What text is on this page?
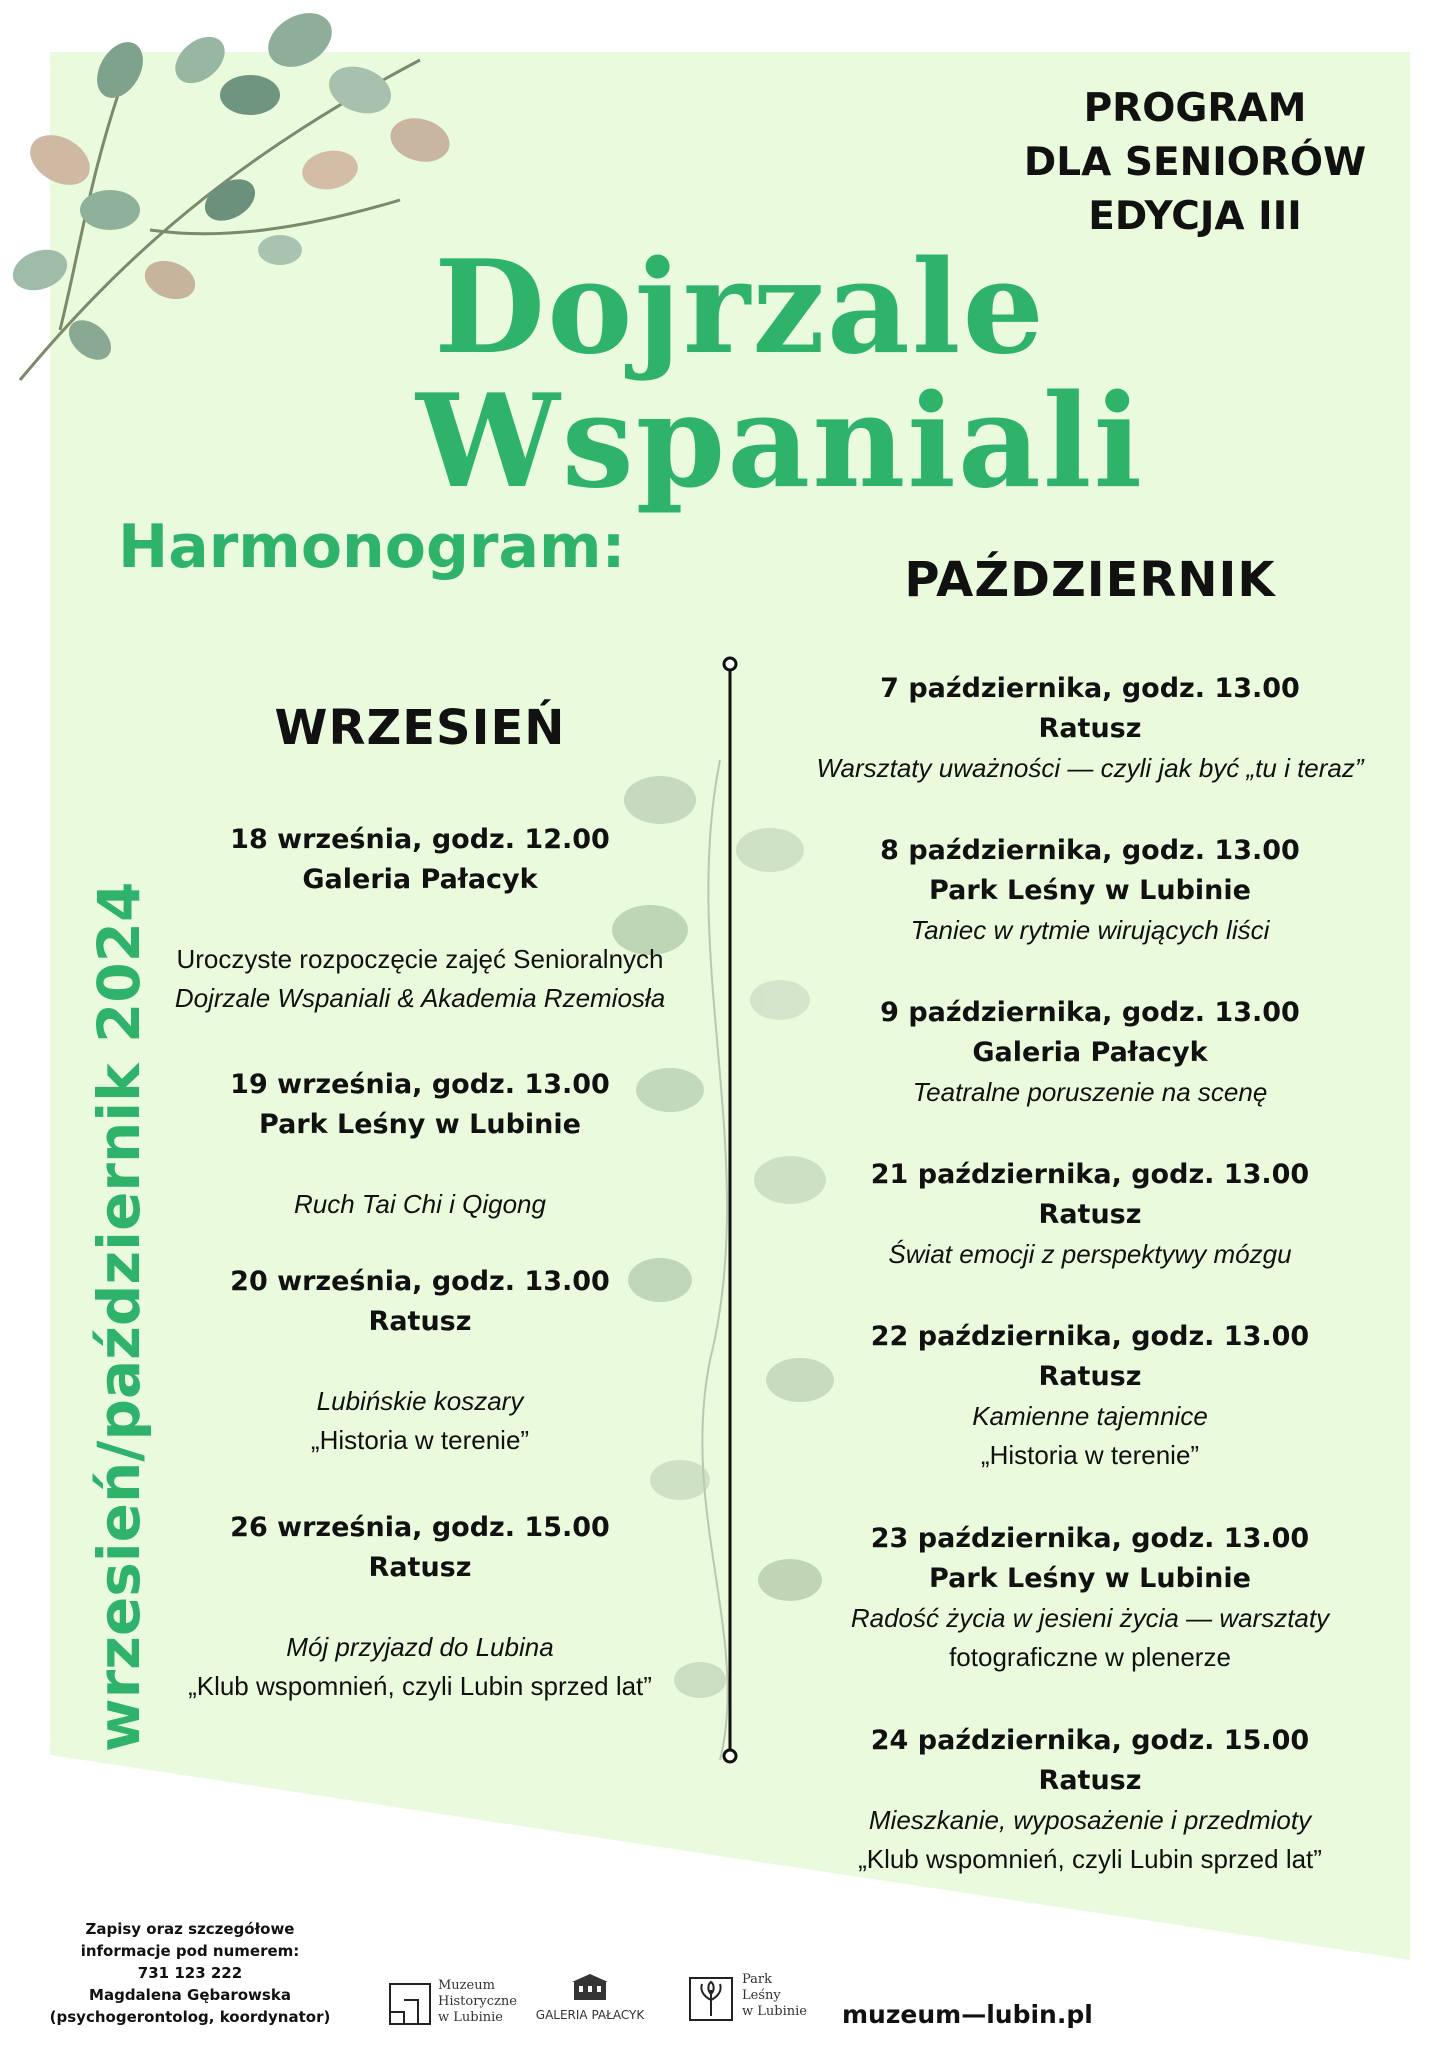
PROGRAM
DLA SENIORÓW
EDYCJA III
Dojrzale
Wspaniali
Harmonogram:	PAŹDZIERNIK
WRZESIEŃ
wrzesień/październik 2024
18 września, godz. 12.00
Galeria Pałacyk
Uroczyste rozpoczęcie zajęć Senioralnych
Dojrzale Wspaniali & Akademia Rzemiosła
19 września, godz. 13.00
Park Leśny w Lubinie
Ruch Tai Chi i Qigong
20 września, godz. 13.00
Ratusz
Lubińskie koszary
„Historia w terenie”
26 września, godz. 15.00
Ratusz
Mój przyjazd do Lubina
„Klub wspomnień, czyli Lubin sprzed lat”
7 października, godz. 13.00
Ratusz
Warsztaty uważności — czyli jak być „tu i teraz”
8 października, godz. 13.00
Park Leśny w Lubinie
Taniec w rytmie wirujących liści
9 października, godz. 13.00
Galeria Pałacyk
Teatralne poruszenie na scenę
21 października, godz. 13.00
Ratusz
Świat emocji z perspektywy mózgu
22 października, godz. 13.00
Ratusz
Kamienne tajemnice
„Historia w terenie”
23 października, godz. 13.00
Park Leśny w Lubinie
Radość życia w jesieni życia — warsztaty
fotograficzne w plenerze
24 października, godz. 15.00
Ratusz
Mieszkanie, wyposażenie i przedmioty
„Klub wspomnień, czyli Lubin sprzed lat”
Zapisy oraz szczegółowe
informacje pod numerem:
731 123 222
Magdalena Gębarowska
(psychogerontolog, koordynator)
Muzeum
Historyczne
w Lubinie	GALERIA PAŁACYK
Park
Leśny
w Lubinie muzeum—lubin.pl
